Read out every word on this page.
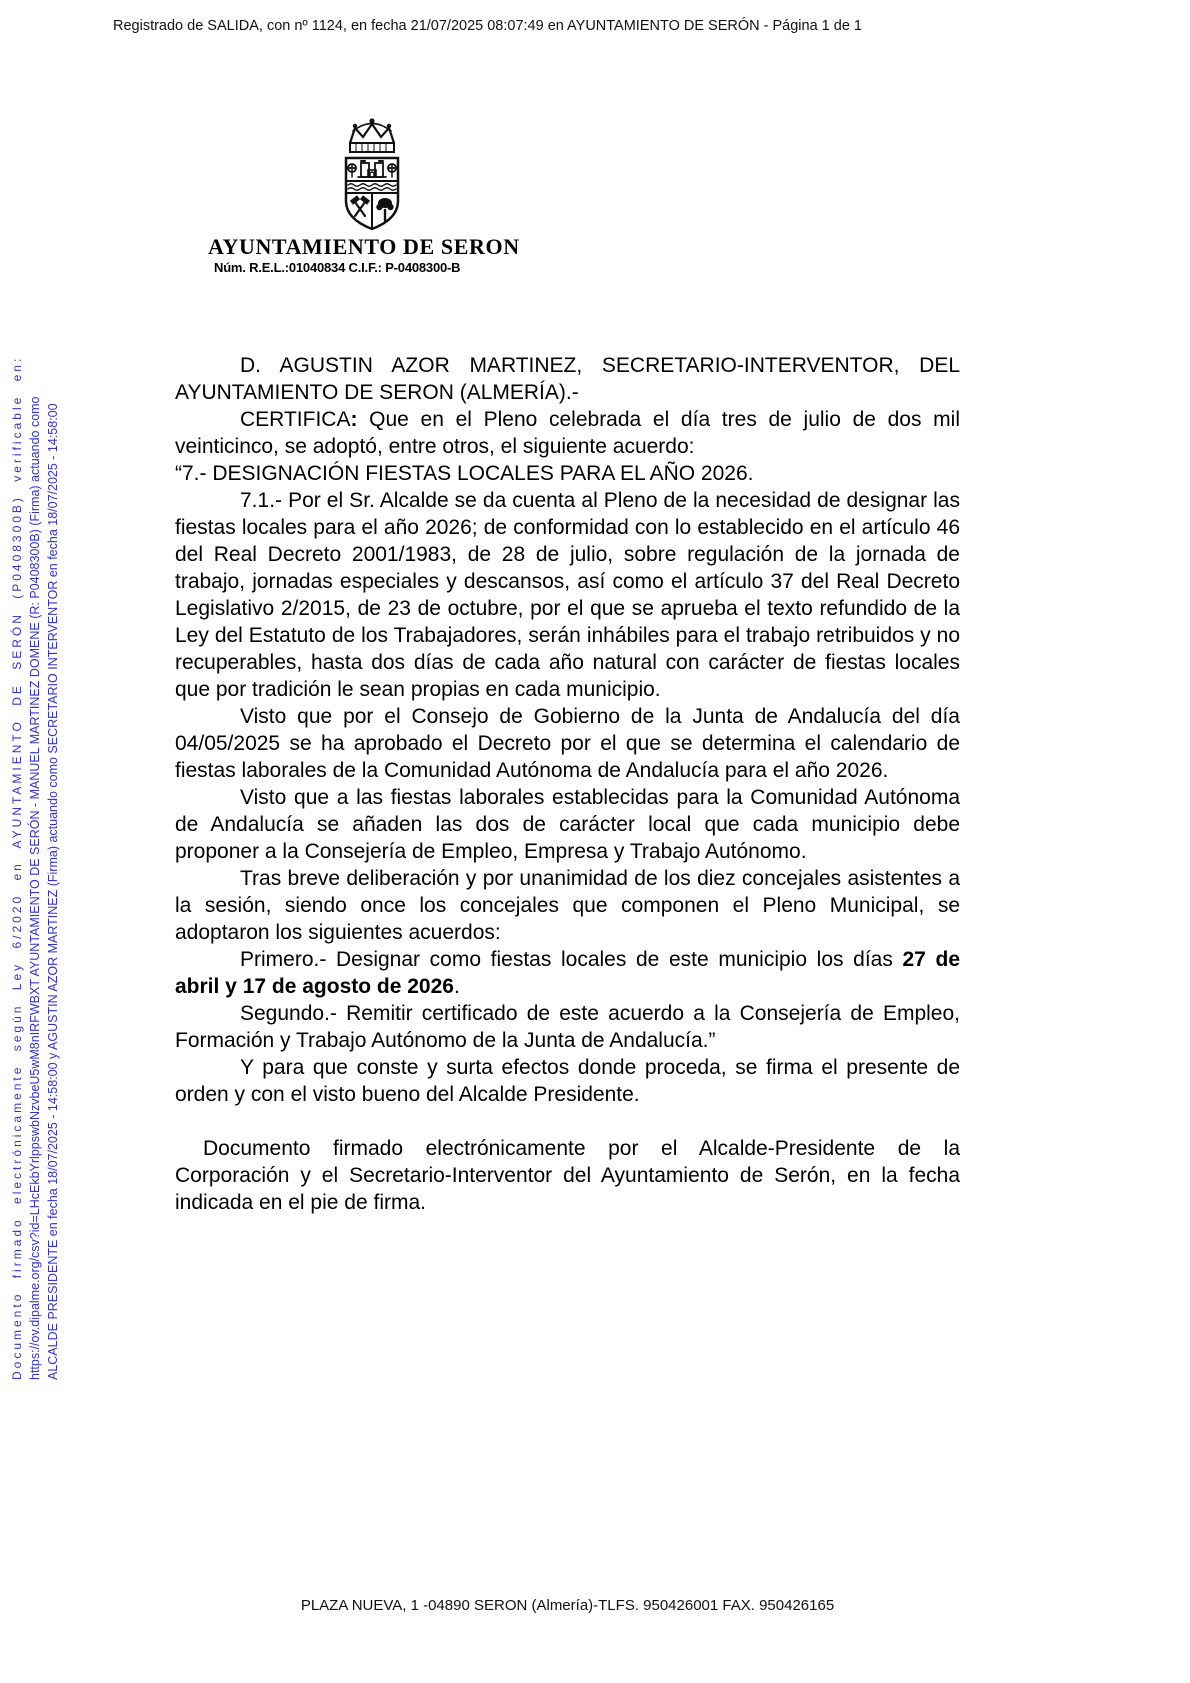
Registrado de SALIDA, con nº 1124, en fecha 21/07/2025 08:07:49 en AYUNTAMIENTO DE SERÓN - Página 1 de 1
Documento firmado electrónicamente según Ley 6/2020 en AYUNTAMIENTO DE SERÓN (P0408300B) verificable en: https://ov.dipalme.org/csv?id=LHcEkbYrlppswbNzvbeU5wM8nIRFWBXT AYUNTAMIENTO DE SERÓN - MANUEL MARTINEZ DOMENE (R: P0408300B) (Firma) actuando como ALCALDE PRESIDENTE en fecha 18/07/2025 - 14:58:00 y AGUSTIN AZOR MARTINEZ (Firma) actuando como SECRETARIO INTERVENTOR en fecha 18/07/2025 - 14:58:00
AYUNTAMIENTO DE SERON
Núm. R.E.L.:01040834 C.I.F.: P-0408300-B

D. AGUSTIN AZOR MARTINEZ, SECRETARIO-INTERVENTOR, DEL AYUNTAMIENTO DE SERON (ALMERÍA).-

CERTIFICA: Que en el Pleno celebrada el día tres de julio de dos mil veinticinco, se adoptó, entre otros, el siguiente acuerdo:

“7.- DESIGNACIÓN FIESTAS LOCALES PARA EL AÑO 2026.

7.1.- Por el Sr. Alcalde se da cuenta al Pleno de la necesidad de designar las fiestas locales para el año 2026; de conformidad con lo establecido en el artículo 46 del Real Decreto 2001/1983, de 28 de julio, sobre regulación de la jornada de trabajo, jornadas especiales y descansos, así como el artículo 37 del Real Decreto Legislativo 2/2015, de 23 de octubre, por el que se aprueba el texto refundido de la Ley del Estatuto de los Trabajadores, serán inhábiles para el trabajo retribuidos y no recuperables, hasta dos días de cada año natural con carácter de fiestas locales que por tradición le sean propias en cada municipio.

Visto que por el Consejo de Gobierno de la Junta de Andalucía del día 04/05/2025 se ha aprobado el Decreto por el que se determina el calendario de fiestas laborales de la Comunidad Autónoma de Andalucía para el año 2026.

Visto que a las fiestas laborales establecidas para la Comunidad Autónoma de Andalucía se añaden las dos de carácter local que cada municipio debe proponer a la Consejería de Empleo, Empresa y Trabajo Autónomo.

Tras breve deliberación y por unanimidad de los diez concejales asistentes a la sesión, siendo once los concejales que componen el Pleno Municipal, se adoptaron los siguientes acuerdos:

Primero.- Designar como fiestas locales de este municipio los días 27 de abril y 17 de agosto de 2026.

Segundo.- Remitir certificado de este acuerdo a la Consejería de Empleo, Formación y Trabajo Autónomo de la Junta de Andalucía.”

Y para que conste y surta efectos donde proceda, se firma el presente de orden y con el visto bueno del Alcalde Presidente.

Documento firmado electrónicamente por el Alcalde-Presidente de la Corporación y el Secretario-Interventor del Ayuntamiento de Serón, en la fecha indicada en el pie de firma.

PLAZA NUEVA, 1 -04890 SERON (Almería)-TLFS. 950426001 FAX. 950426165
